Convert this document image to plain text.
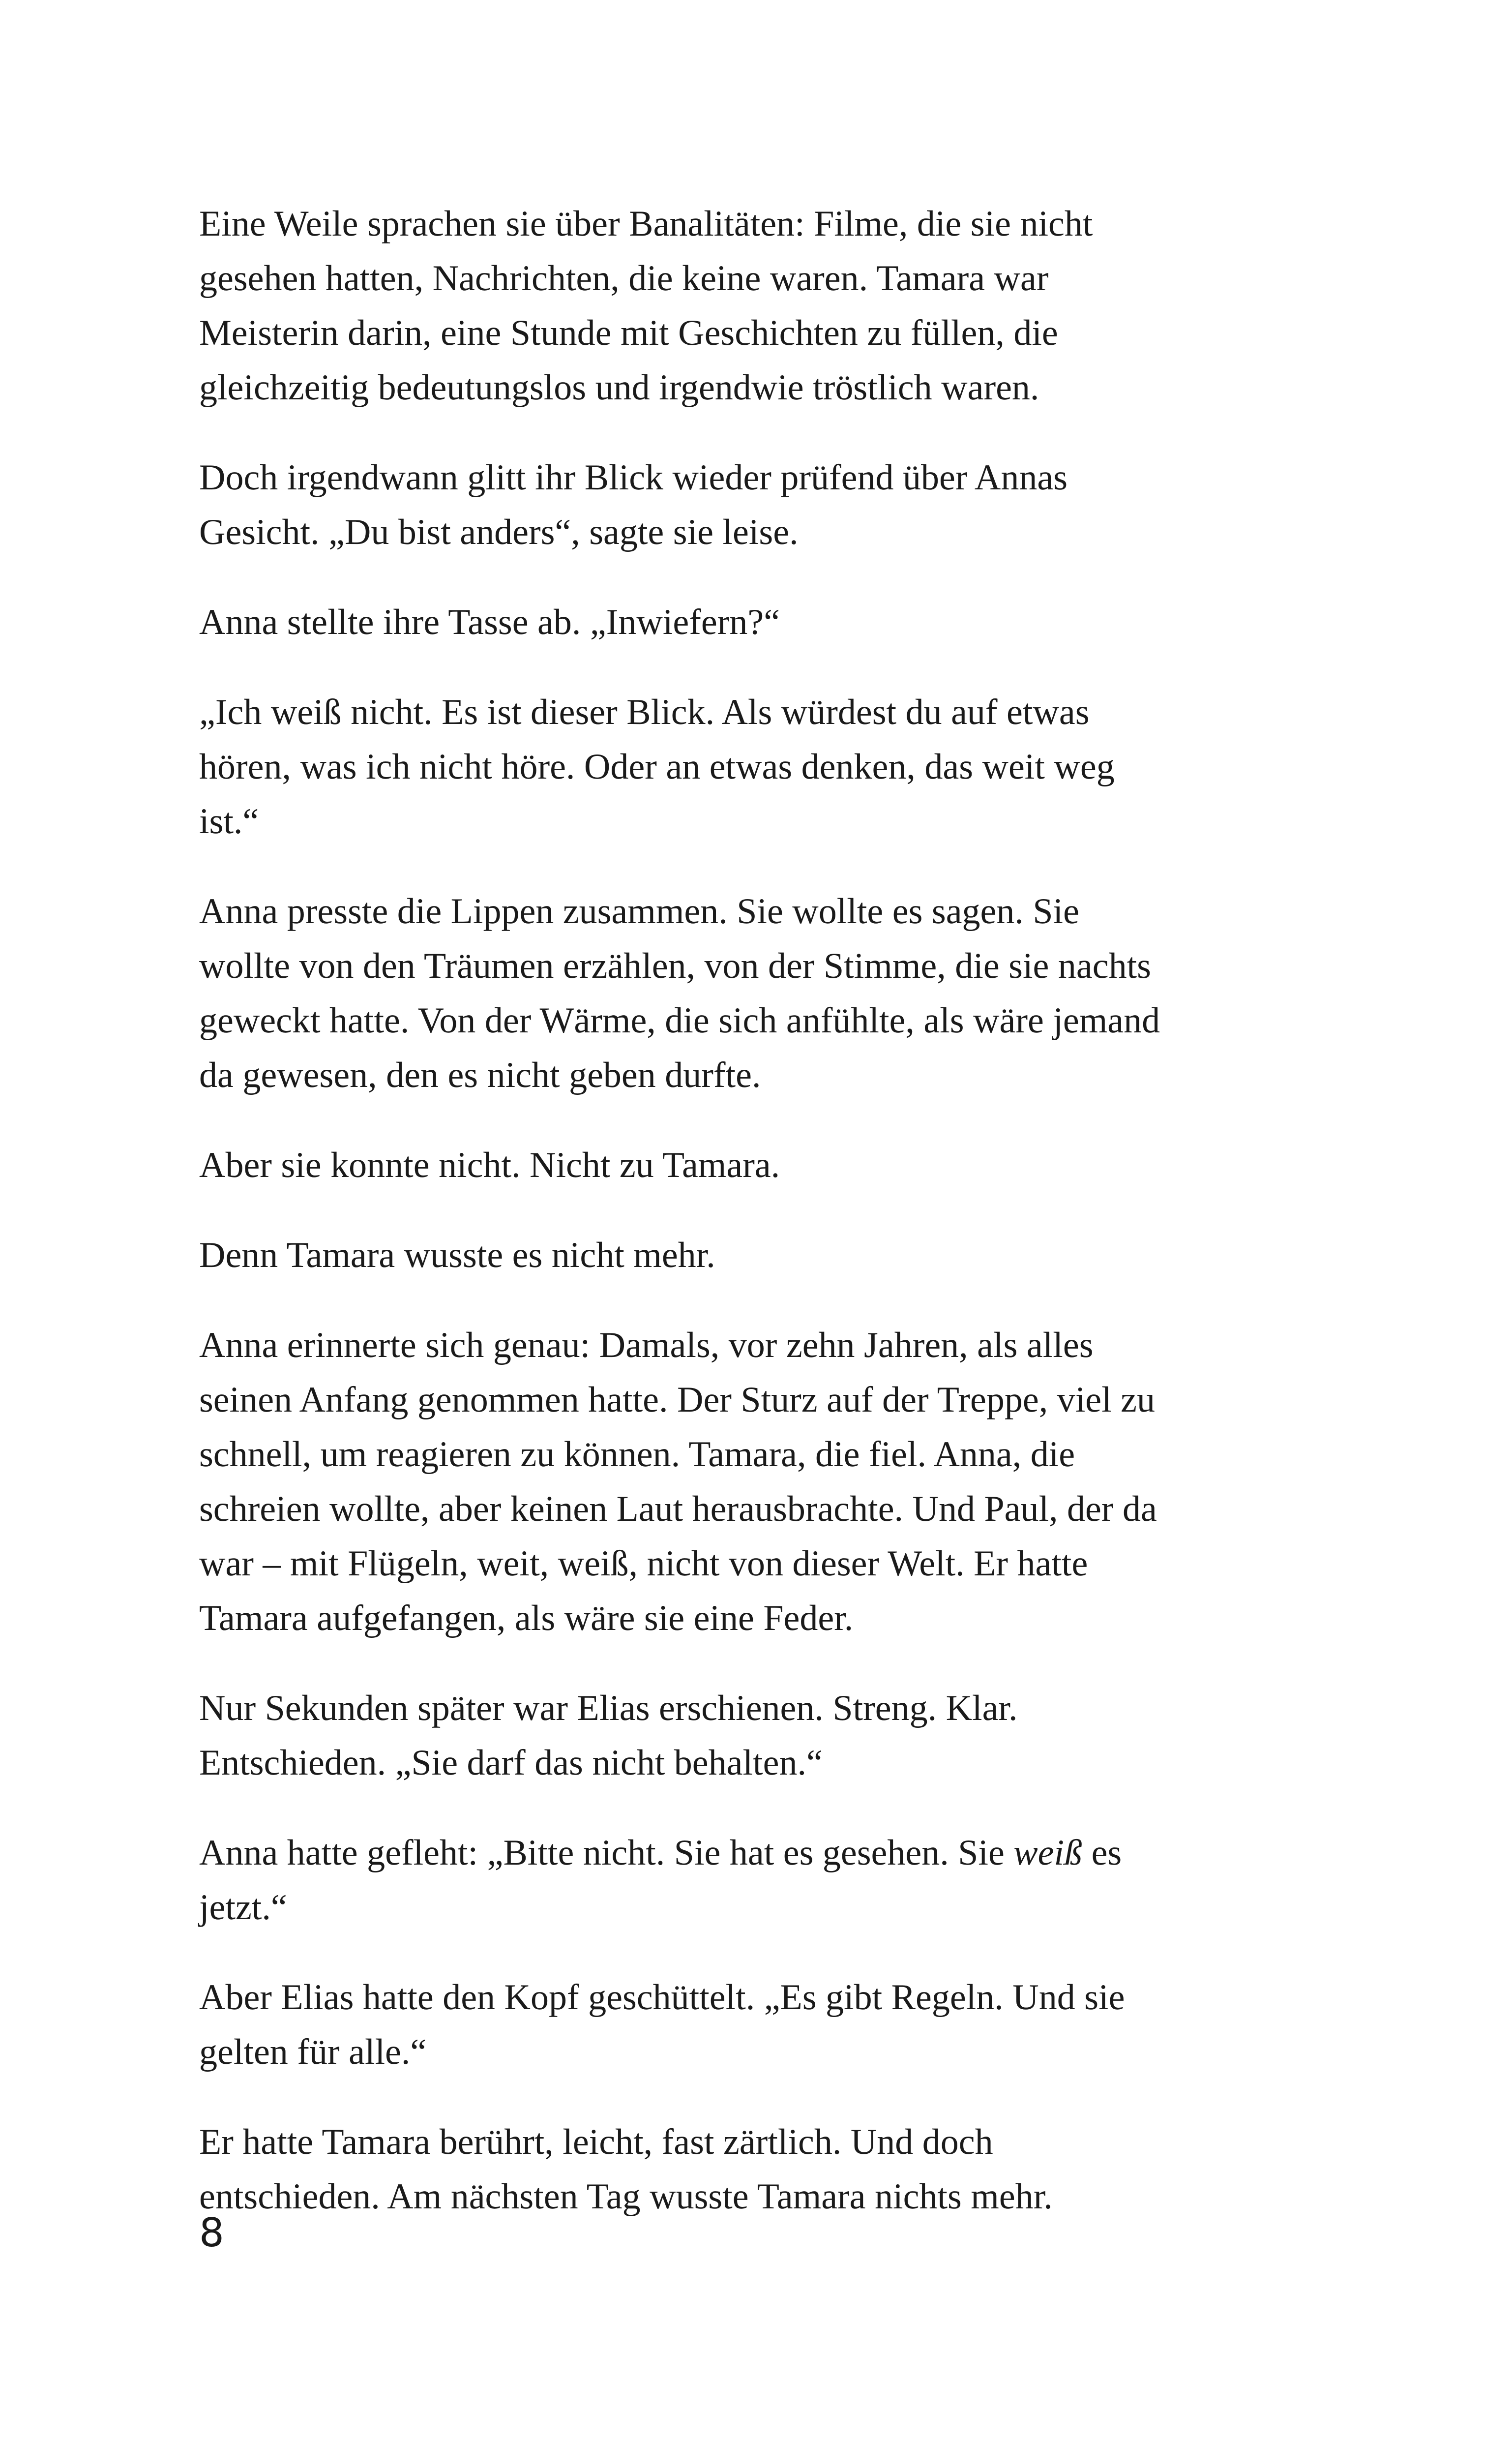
Eine Weile sprachen sie über Banalitäten: Filme, die sie nicht
gesehen hatten, Nachrichten, die keine waren. Tamara war
Meisterin darin, eine Stunde mit Geschichten zu füllen, die
gleichzeitig bedeutungslos und irgendwie tröstlich waren.

Doch irgendwann glitt ihr Blick wieder prüfend über Annas
Gesicht. „Du bist anders“, sagte sie leise.

Anna stellte ihre Tasse ab. „Inwiefern?“

„Ich weiß nicht. Es ist dieser Blick. Als würdest du auf etwas
hören, was ich nicht höre. Oder an etwas denken, das weit weg
ist.“

Anna presste die Lippen zusammen. Sie wollte es sagen. Sie
wollte von den Träumen erzählen, von der Stimme, die sie nachts
geweckt hatte. Von der Wärme, die sich anfühlte, als wäre jemand
da gewesen, den es nicht geben durfte.

Aber sie konnte nicht. Nicht zu Tamara.

Denn Tamara wusste es nicht mehr.

Anna erinnerte sich genau: Damals, vor zehn Jahren, als alles
seinen Anfang genommen hatte. Der Sturz auf der Treppe, viel zu
schnell, um reagieren zu können. Tamara, die fiel. Anna, die
schreien wollte, aber keinen Laut herausbrachte. Und Paul, der da
war – mit Flügeln, weit, weiß, nicht von dieser Welt. Er hatte
Tamara aufgefangen, als wäre sie eine Feder.

Nur Sekunden später war Elias erschienen. Streng. Klar.
Entschieden. „Sie darf das nicht behalten.“

Anna hatte gefleht: „Bitte nicht. Sie hat es gesehen. Sie weiß es
jetzt.“

Aber Elias hatte den Kopf geschüttelt. „Es gibt Regeln. Und sie
gelten für alle.“

Er hatte Tamara berührt, leicht, fast zärtlich. Und doch
entschieden. Am nächsten Tag wusste Tamara nichts mehr.

8
